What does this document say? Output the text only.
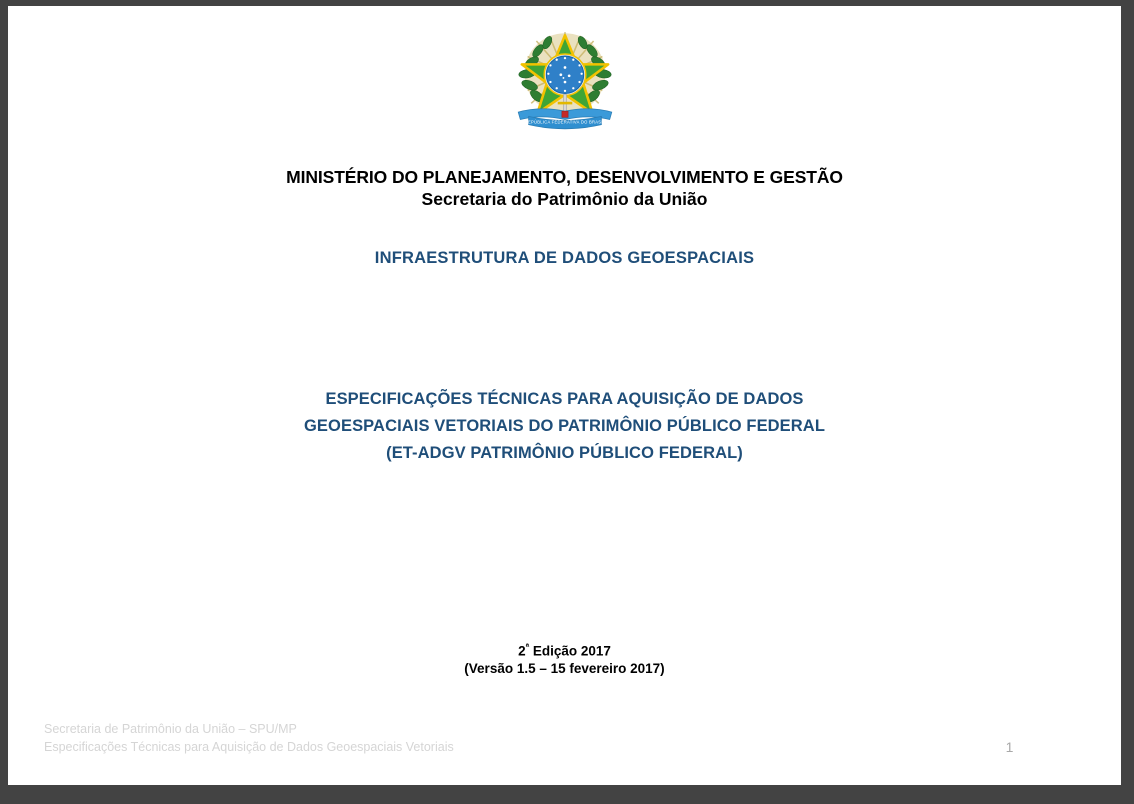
REPÚBLICA FEDERATIVA DO BRASIL
MINISTÉRIO DO PLANEJAMENTO, DESENVOLVIMENTO E GESTÃO
Secretaria do Patrimônio da União
INFRAESTRUTURA DE DADOS GEOESPACIAIS
ESPECIFICAÇÕES TÉCNICAS PARA AQUISIÇÃO DE DADOS
GEOESPACIAIS VETORIAIS DO PATRIMÔNIO PÚBLICO FEDERAL
(ET-ADGV PATRIMÔNIO PÚBLICO FEDERAL)
$2^ª$ Edição 2017
(Versão 1.5 – 15 fevereiro 2017)
Secretaria de Patrimônio da União – SPU/MP
Especificações Técnicas para Aquisição de Dados Geoespaciais Vetoriais	1
